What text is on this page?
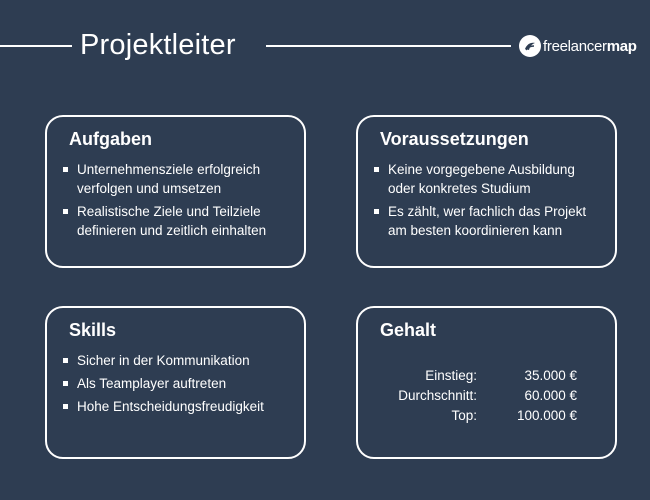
Projektleiter	freelancermap
Aufgaben
Unternehmensziele erfolgreich verfolgen und umsetzen
Realistische Ziele und Teilziele definieren und zeitlich einhalten
Voraussetzungen
Keine vorgegebene Ausbildung oder konkretes Studium
Es zählt, wer fachlich das Projekt am besten koordinieren kann
Skills
Sicher in der Kommunikation
Als Teamplayer auftreten
Hohe Entscheidungsfreudigkeit
Gehalt
Einstieg:	35.000 €
Durchschnitt:	60.000 €
Top:	100.000 €
